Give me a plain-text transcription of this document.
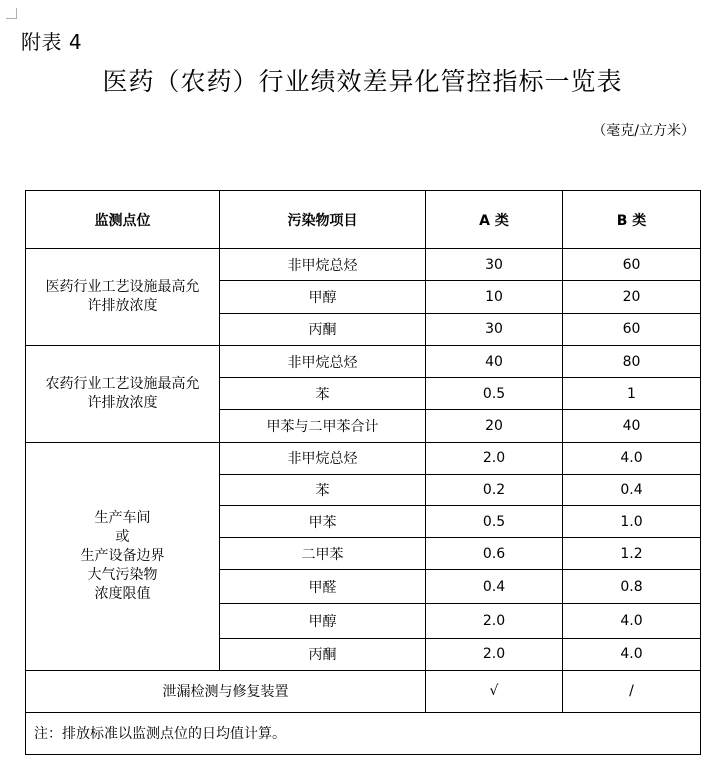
附表 4
医药（农药）行业绩效差异化管控指标一览表
（毫克/立方米）
监测点位	污染物项目	A 类	B 类

医药行业工艺设施最高允
许排放浓度	非甲烷总烃	30	60
	甲醇	10	20
	丙酮	30	60

农药行业工艺设施最高允
许排放浓度	非甲烷总烃	40	80
	苯	0.5	1
	甲苯与二甲苯合计	20	40

生产车间
或
生产设备边界
大气污染物
浓度限值	非甲烷总烃	2.0	4.0
	苯	0.2	0.4
	甲苯	0.5	1.0
	二甲苯	0.6	1.2
	甲醛	0.4	0.8
	甲醇	2.0	4.0
	丙酮	2.0	4.0
泄漏检测与修复装置		√	/
注：排放标准以监测点位的日均值计算。			
